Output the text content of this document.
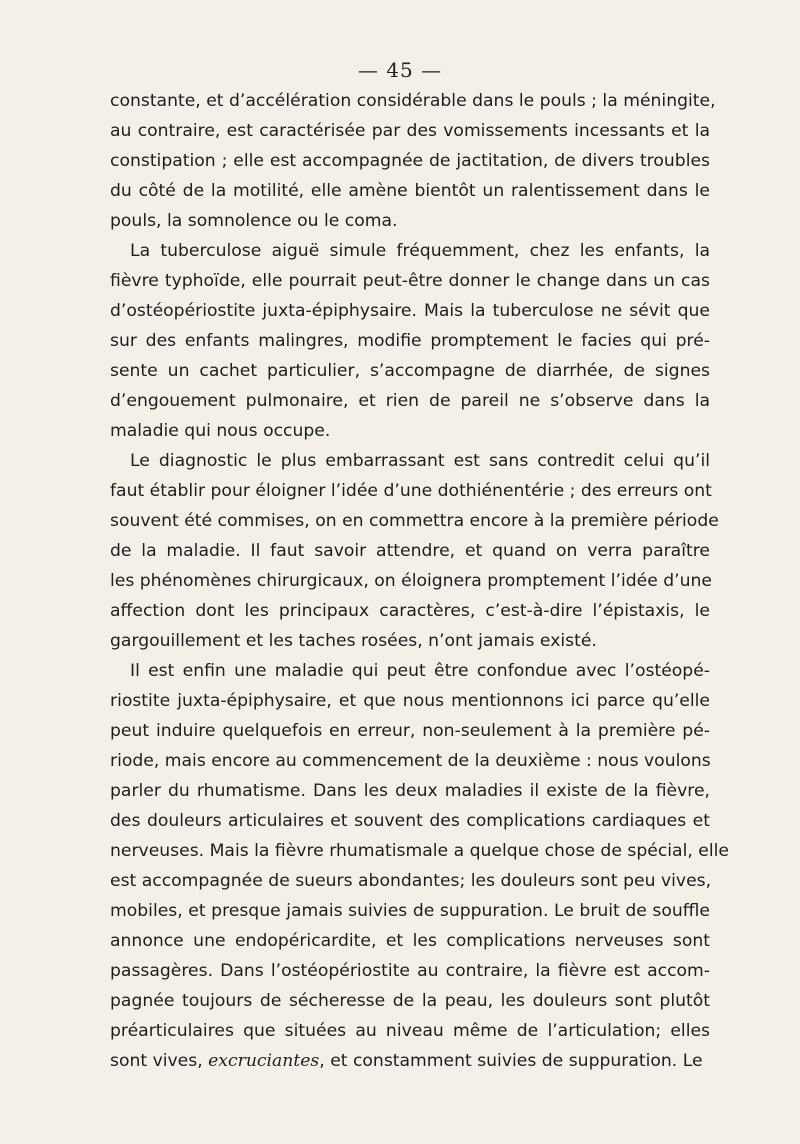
— 45 —
constante, et d’accélération considérable dans le pouls ; la méningite,
au contraire, est caractérisée par des vomissements incessants et la
constipation ; elle est accompagnée de jactitation, de divers troubles
du côté de la motilité, elle amène bientôt un ralentissement dans le
pouls, la somnolence ou le coma.
La tuberculose aiguë simule fréquemment, chez les enfants, la
fièvre typhoïde, elle pourrait peut-être donner le change dans un cas
d’ostéopériostite juxta-épiphysaire. Mais la tuberculose ne sévit que
sur des enfants malingres, modifie promptement le facies qui pré-
sente un cachet particulier, s’accompagne de diarrhée, de signes
d’engouement pulmonaire, et rien de pareil ne s’observe dans la
maladie qui nous occupe.
Le diagnostic le plus embarrassant est sans contredit celui qu’il
faut établir pour éloigner l’idée d’une dothiénentérie ; des erreurs ont
souvent été commises, on en commettra encore à la première période
de la maladie. Il faut savoir attendre, et quand on verra paraître
les phénomènes chirurgicaux, on éloignera promptement l’idée d’une
affection dont les principaux caractères, c’est-à-dire l’épistaxis, le
gargouillement et les taches rosées, n’ont jamais existé.
Il est enfin une maladie qui peut être confondue avec l’ostéopé-
riostite juxta-épiphysaire, et que nous mentionnons ici parce qu’elle
peut induire quelquefois en erreur, non-seulement à la première pé-
riode, mais encore au commencement de la deuxième : nous voulons
parler du rhumatisme. Dans les deux maladies il existe de la fièvre,
des douleurs articulaires et souvent des complications cardiaques et
nerveuses. Mais la fièvre rhumatismale a quelque chose de spécial, elle
est accompagnée de sueurs abondantes; les douleurs sont peu vives,
mobiles, et presque jamais suivies de suppuration. Le bruit de souffle
annonce une endopéricardite, et les complications nerveuses sont
passagères. Dans l’ostéopériostite au contraire, la fièvre est accom-
pagnée toujours de sécheresse de la peau, les douleurs sont plutôt
préarticulaires que situées au niveau même de l’articulation; elles
sont vives, excruciantes, et constamment suivies de suppuration. Le
